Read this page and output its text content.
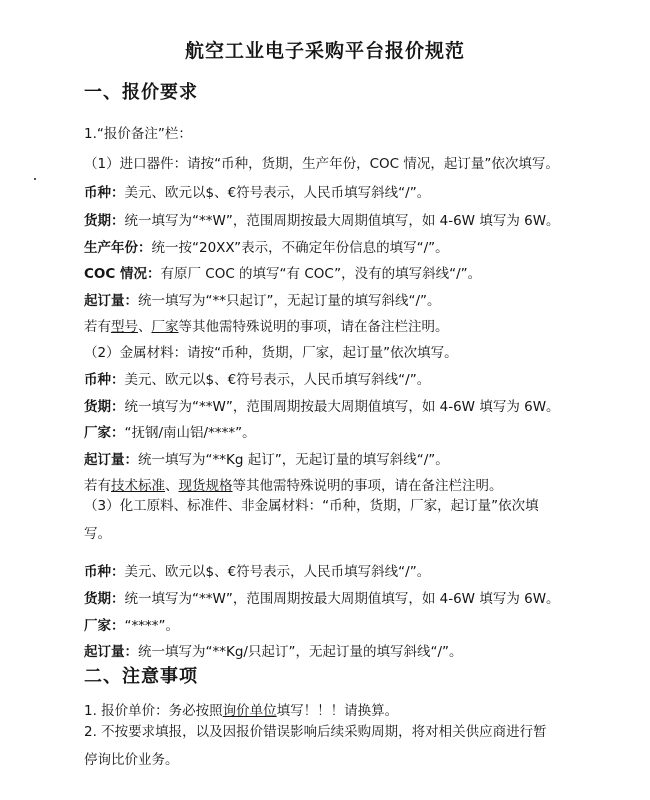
航空工业电子采购平台报价规范
一、报价要求
1.“报价备注”栏：
（1）进口器件：请按“币种，货期，生产年份，COC 情况，起订量”依次填写。
币种：美元、欧元以$、€符号表示，人民币填写斜线“/”。
货期：统一填写为“**W”，范围周期按最大周期值填写，如 4-6W 填写为 6W。
生产年份：统一按“20XX”表示，不确定年份信息的填写“/”。
COC 情况：有原厂 COC 的填写“有 COC”，没有的填写斜线“/”。
起订量：统一填写为“**只起订”，无起订量的填写斜线“/”。
若有型号、厂家等其他需特殊说明的事项，请在备注栏注明。
（2）金属材料：请按“币种，货期，厂家，起订量”依次填写。
币种：美元、欧元以$、€符号表示，人民币填写斜线“/”。
货期：统一填写为“**W”，范围周期按最大周期值填写，如 4-6W 填写为 6W。
厂家：“抚钢/南山铝/****”。
起订量：统一填写为“**Kg 起订”，无起订量的填写斜线“/”。
若有技术标准、现货规格等其他需特殊说明的事项，请在备注栏注明。
（3）化工原料、标准件、非金属材料：“币种，货期，厂家，起订量”依次填写。
币种：美元、欧元以$、€符号表示，人民币填写斜线“/”。
货期：统一填写为“**W”，范围周期按最大周期值填写，如 4-6W 填写为 6W。
厂家：“****”。
起订量：统一填写为“**Kg/只起订”，无起订量的填写斜线“/”。
二、注意事项
1. 报价单价：务必按照询价单位填写！！！请换算。
2. 不按要求填报，以及因报价错误影响后续采购周期，将对相关供应商进行暂停询比价业务。
